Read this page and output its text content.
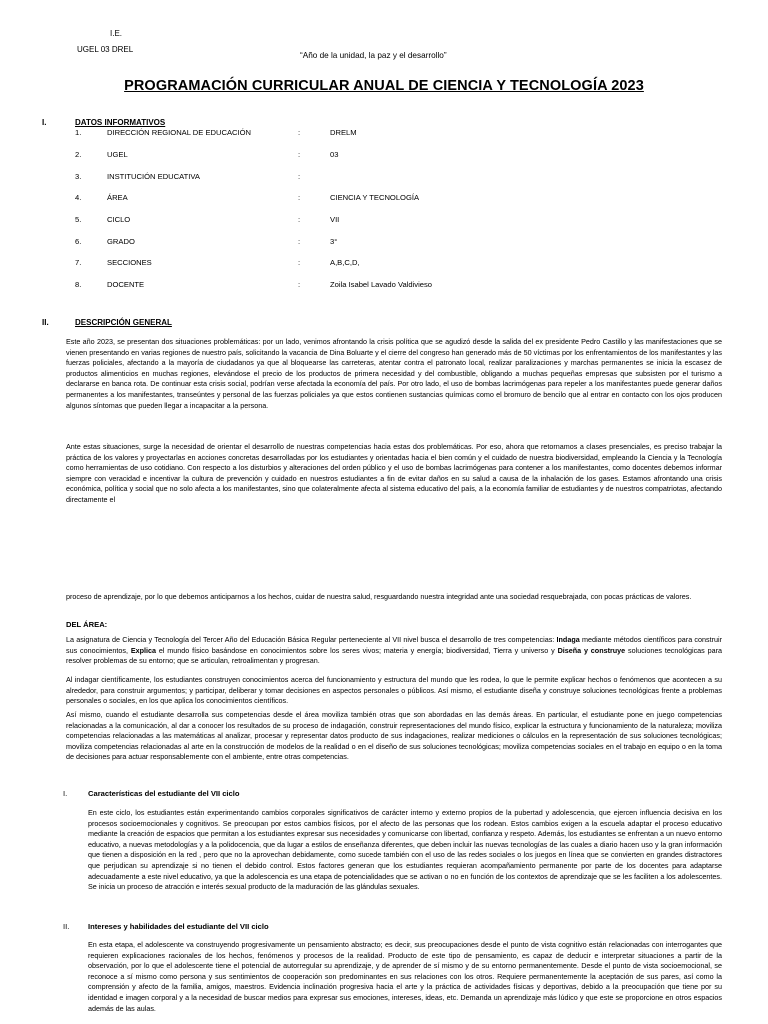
I.E.
UGEL 03 DREL
“Año de la unidad, la paz y el desarrollo”
PROGRAMACIÓN CURRICULAR ANUAL DE CIENCIA Y TECNOLOGÍA 2023
I.	DATOS INFORMATIVOS
1.	DIRECCIÓN REGIONAL DE EDUCACIÓN	:	DRELM
2.	UGEL	:	03
3.	INSTITUCIÓN EDUCATIVA	:
4.	ÁREA	:	CIENCIA Y TECNOLOGÍA
5.	CICLO	:	VII
6.	GRADO	:	3°
7.	SECCIONES	:	A,B,C,D,
8.	DOCENTE	:	Zoila Isabel Lavado Valdivieso
II.	DESCRIPCIÓN GENERAL

Este año 2023, se presentan dos situaciones problemáticas: por un lado, venimos afrontando la crisis política que se agudizó desde la salida del ex presidente Pedro Castillo y las manifestaciones que se vienen presentando en varias regiones de nuestro país, solicitando la vacancia de Dina Boluarte y el cierre del congreso han generado más de 50 víctimas por los enfrentamientos de los manifestantes y las fuerzas policiales, afectando a la mayoría de ciudadanos ya que al bloquearse las carreteras, atentar contra el patronato local, realizar paralizaciones y marchas permanentes se inicia la escasez de productos alimenticios en muchas regiones, elevándose el precio de los productos de primera necesidad y del combustible, obligando a muchas pequeñas empresas que subsisten por el turismo a declararse en banca rota. De continuar esta crisis social, podrían verse afectada la economía del país. Por otro lado, el uso de bombas lacrimógenas para repeler a los manifestantes puede generar daños permanentes a los manifestantes, transeúntes y personal de las fuerzas policiales ya que estos contienen sustancias químicas como el bromuro de bencilo que al entrar en contacto con los ojos producen algunos síntomas que pueden llegar a incapacitar a la persona.

Ante estas situaciones, surge la necesidad de orientar el desarrollo de nuestras competencias hacia estas dos problemáticas. Por eso, ahora que retornamos a clases presenciales, es preciso trabajar la práctica de los valores y proyectarlas en acciones concretas desarrolladas por los estudiantes y orientadas hacia el bien común y el cuidado de nuestra biodiversidad, empleando la Ciencia y la Tecnología como herramientas de uso cotidiano. Con respecto a los disturbios y alteraciones del orden público y el uso de bombas lacrimógenas para contener a los manifestantes, como docentes debemos informar siempre con veracidad e incentivar la cultura de prevención y cuidado en nuestros estudiantes a fin de evitar daños en su salud a causa de la inhalación de los gases. Estamos afrontando una crisis económica, política y social que no solo afecta a los manifestantes, sino que colateralmente afecta al sistema educativo del país, a la economía familiar de estudiantes y de nuestros compatriotas, afectando directamente el

proceso de aprendizaje, por lo que debemos anticiparnos a los hechos, cuidar de nuestra salud, resguardando nuestra integridad ante una sociedad resquebrajada, con pocas prácticas de valores.

DEL ÁREA:

La asignatura de Ciencia y Tecnología del Tercer Año del Educación Básica Regular perteneciente al VII nivel busca el desarrollo de tres competencias: Indaga mediante métodos científicos para construir sus conocimientos, Explica el mundo físico basándose en conocimientos sobre los seres vivos; materia y energía; biodiversidad, Tierra y universo y Diseña y construye soluciones tecnológicas para resolver problemas de su entorno; que se articulan, retroalimentan y progresan.

Al indagar científicamente, los estudiantes construyen conocimientos acerca del funcionamiento y estructura del mundo que les rodea, lo que le permite explicar hechos o fenómenos que acontecen a su alrededor, para construir argumentos; y participar, deliberar y tomar decisiones en aspectos personales o públicos. Así mismo, el estudiante diseña y construye soluciones tecnológicas frente a problemas personales o sociales, en los que aplica los conocimientos científicos.

Así mismo, cuando el estudiante desarrolla sus competencias desde el área moviliza también otras que son abordadas en las demás áreas. En particular, el estudiante pone en juego competencias relacionadas a la comunicación, al dar a conocer los resultados de su proceso de indagación, construir representaciones del mundo físico, explicar la estructura y funcionamiento de la naturaleza; moviliza competencias relacionadas a las matemáticas al analizar, procesar y representar datos producto de sus indagaciones, realizar mediciones o cálculos en la representación de sus soluciones tecnológicas; moviliza competencias relacionadas al arte en la construcción de modelos de la realidad o en el diseño de sus soluciones tecnológicas; moviliza competencias sociales en el trabajo en equipo o en la toma de decisiones para actuar responsablemente con el ambiente, entre otras competencias.

I.	Características del estudiante del VII ciclo

En este ciclo, los estudiantes están experimentando cambios corporales significativos de carácter interno y externo propios de la pubertad y adolescencia, que ejercen influencia decisiva en los procesos socioemocionales y cognitivos. Se preocupan por estos cambios físicos, por el afecto de las personas que los rodean. Estos cambios exigen a la escuela adaptar el proceso educativo mediante la creación de espacios que permitan a los estudiantes expresar sus necesidades y comunicarse con libertad, confianza y respeto. Además, los estudiantes se enfrentan a un nuevo entorno educativo, a nuevas metodologías y a la polidocencia, que da lugar a estilos de enseñanza diferentes, que deben incluir las nuevas tecnologías de las cuales a diario hacen uso y la gran información que tienen a disposición en la red , pero que no la aprovechan debidamente, como sucede también con el uso de las redes sociales o los juegos en línea que se convierten en grandes distractores que perjudican su aprendizaje si no tienen el debido control. Estos factores generan que los estudiantes requieran acompañamiento permanente por parte de los docentes para adaptarse adecuadamente a este nivel educativo, ya que la adolescencia es una etapa de potencialidades que se activan o no en función de los contextos de aprendizaje que se les faciliten a los adolescentes. Se inicia un proceso de atracción e interés sexual producto de la maduración de las glándulas sexuales.

II. Intereses y habilidades del estudiante del VII ciclo

En esta etapa, el adolescente va construyendo progresivamente un pensamiento abstracto; es decir, sus preocupaciones desde el punto de vista cognitivo están relacionadas con interrogantes que requieren explicaciones racionales de los hechos, fenómenos y procesos de la realidad. Producto de este tipo de pensamiento, es capaz de deducir e interpretar situaciones a partir de la observación, por lo que el adolescente tiene el potencial de autorregular su aprendizaje, y de aprender de sí mismo y de su entorno permanentemente. Desde el punto de vista socioemocional, se reconoce a sí mismo como persona y sus sentimientos de cooperación son predominantes en sus relaciones con los otros. Requiere permanentemente la aceptación de sus pares, así como la comprensión y afecto de la familia, amigos, maestros. Evidencia inclinación progresiva hacia el arte y la práctica de actividades físicas y deportivas, debido a la preocupación que tiene por su identidad e imagen corporal y a la necesidad de buscar medios para expresar sus emociones, intereses, ideas, etc. Demanda un aprendizaje más lúdico y que este se proporcione en otros espacios además de las aulas.
